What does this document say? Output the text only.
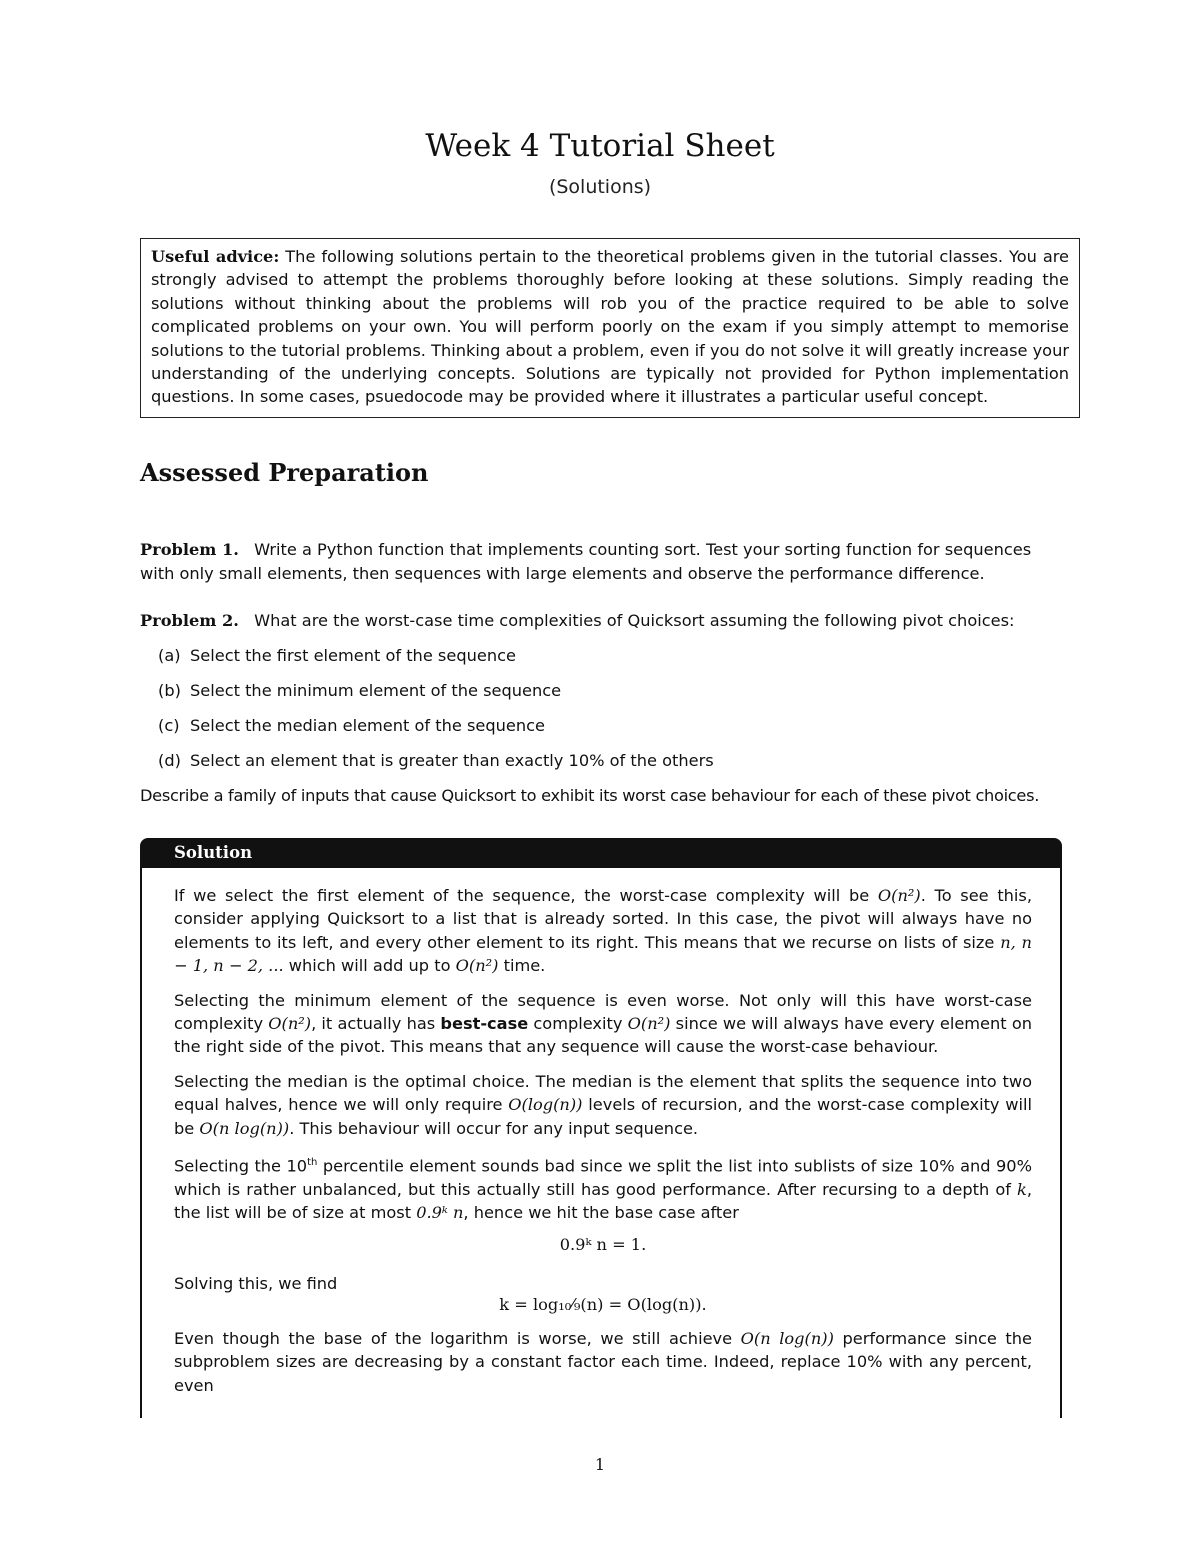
Week 4 Tutorial Sheet
(Solutions)
Useful advice: The following solutions pertain to the theoretical problems given in the tutorial classes. You are strongly advised to attempt the problems thoroughly before looking at these solutions. Simply reading the solutions without thinking about the problems will rob you of the practice required to be able to solve complicated problems on your own. You will perform poorly on the exam if you simply attempt to memorise solutions to the tutorial problems. Thinking about a problem, even if you do not solve it will greatly increase your understanding of the underlying concepts. Solutions are typically not provided for Python implementation questions. In some cases, psuedocode may be provided where it illustrates a particular useful concept.
Assessed Preparation
Problem 1. Write a Python function that implements counting sort. Test your sorting function for sequences with only small elements, then sequences with large elements and observe the performance difference.
Problem 2. What are the worst-case time complexities of Quicksort assuming the following pivot choices:
(a) Select the first element of the sequence
(b) Select the minimum element of the sequence
(c) Select the median element of the sequence
(d) Select an element that is greater than exactly 10% of the others
Describe a family of inputs that cause Quicksort to exhibit its worst case behaviour for each of these pivot choices.
Solution

If we select the first element of the sequence, the worst-case complexity will be O(n²). To see this, consider applying Quicksort to a list that is already sorted. In this case, the pivot will always have no elements to its left, and every other element to its right. This means that we recurse on lists of size n, n − 1, n − 2, ... which will add up to O(n²) time.

Selecting the minimum element of the sequence is even worse. Not only will this have worst-case complexity O(n²), it actually has best-case complexity O(n²) since we will always have every element on the right side of the pivot. This means that any sequence will cause the worst-case behaviour.

Selecting the median is the optimal choice. The median is the element that splits the sequence into two equal halves, hence we will only require O(log(n)) levels of recursion, and the worst-case complexity will be O(n log(n)). This behaviour will occur for any input sequence.

Selecting the 10th percentile element sounds bad since we split the list into sublists of size 10% and 90% which is rather unbalanced, but this actually still has good performance. After recursing to a depth of k, the list will be of size at most 0.9ᵏ n, hence we hit the base case after

0.9ᵏ n = 1.

Solving this, we find

k = log₁₀⁄₉(n) = O(log(n)).

Even though the base of the logarithm is worse, we still achieve O(n log(n)) performance since the subproblem sizes are decreasing by a constant factor each time. Indeed, replace 10% with any percent, even

1
